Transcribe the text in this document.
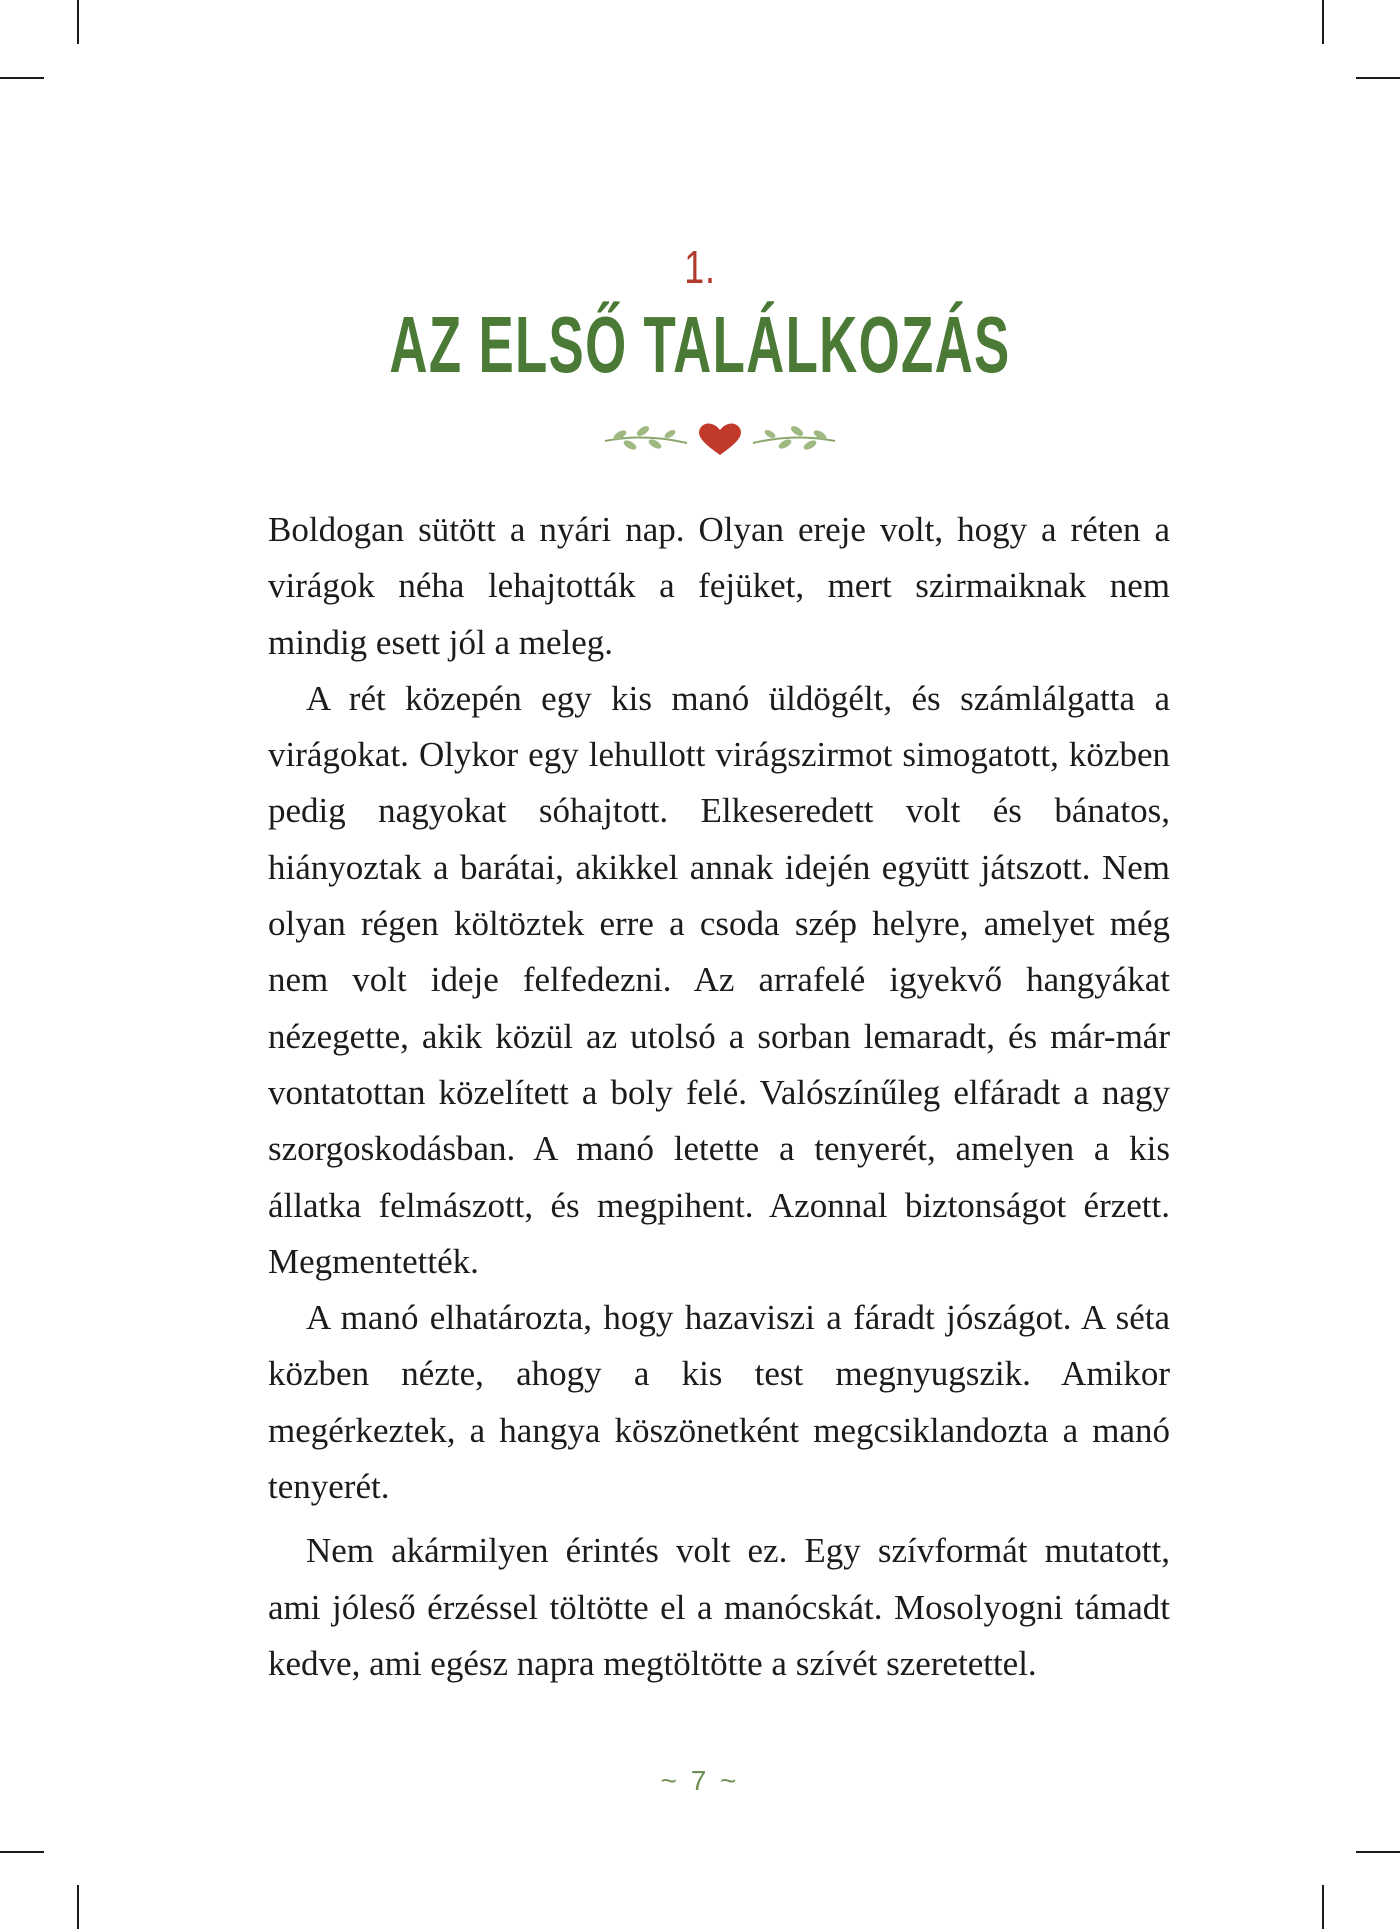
1.
AZ ELSŐ TALÁLKOZÁS

Boldogan sütött a nyári nap. Olyan ereje volt, hogy a réten a virágok néha lehajtották a fejüket, mert szirmaiknak nem mindig esett jól a meleg.

A rét közepén egy kis manó üldögélt, és számlálgatta a virágokat. Olykor egy lehullott virágszirmot simogatott, közben pedig nagyokat sóhajtott. Elkeseredett volt és bánatos, hiányoztak a barátai, akikkel annak idején együtt játszott. Nem olyan régen költöztek erre a csoda szép helyre, amelyet még nem volt ideje felfedezni. Az arrafelé igyekvő hangyákat nézegette, akik közül az utolsó a sorban lemaradt, és már-már vontatottan közelített a boly felé. Valószínűleg elfáradt a nagy szorgoskodásban. A manó letette a tenyerét, amelyen a kis állatka felmászott, és megpihent. Azonnal biztonságot érzett. Megmentették.

A manó elhatározta, hogy hazaviszi a fáradt jószágot. A séta közben nézte, ahogy a kis test megnyugszik. Amikor megérkeztek, a hangya köszönetként megcsiklandozta a manó tenyerét.

Nem akármilyen érintés volt ez. Egy szívformát mutatott, ami jóleső érzéssel töltötte el a manócskát. Mosolyogni támadt kedve, ami egész napra megtöltötte a szívét szeretettel.

~ 7 ~
